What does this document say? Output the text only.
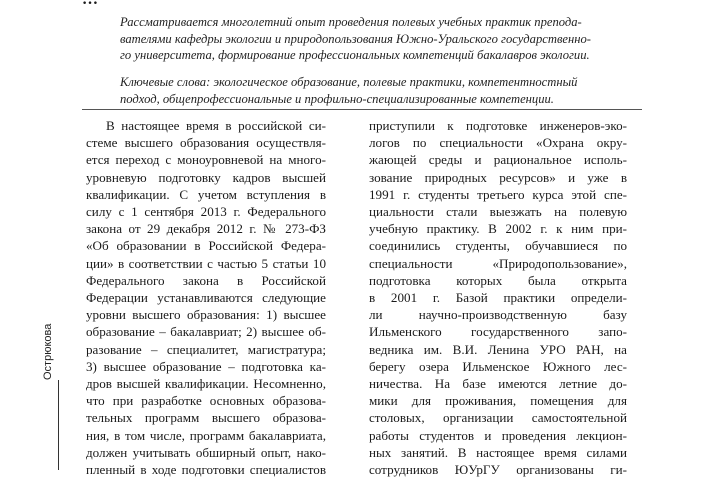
Рассматривается многолетний опыт проведения полевых учебных практик препода-

вателями кафедры экологии и природопользования Южно-Уральского государственно-

го университета, формирование профессиональных компетенций бакалавров экологии.

Ключевые слова: экологическое образование, полевые практики, компетентностный

подход, общепрофессиональные и профильно-специализированные компетенции.

В настоящее время в российской си-
стеме высшего образования осуществля-
ется переход с моноуровневой на много-
уровневую подготовку кадров высшей
квалификации. С учетом вступления в
силу с 1 сентября 2013 г. Федерального
закона от 29 декабря 2012 г. № 273-ФЗ
«Об образовании в Российской Федера-
ции» в соответствии с частью 5 статьи 10
Федерального закона в Российской
Федерации устанавливаются следующие
уровни высшего образования: 1) высшее
образование – бакалавриат; 2) высшее об-
разование – специалитет, магистратура;
3) высшее образование – подготовка ка-
дров высшей квалификации. Несомненно,
что при разработке основных образова-
тельных программ высшего образова-
ния, в том числе, программ бакалавриата,
должен учитывать обширный опыт, нако-
пленный в ходе подготовки специалистов
приступили к подготовке инженеров-эко-
логов по специальности «Охрана окру-
жающей среды и рациональное исполь-
зование природных ресурсов» и уже в
1991 г. студенты третьего курса этой спе-
циальности стали выезжать на полевую
учебную практику. В 2002 г. к ним при-
соединились студенты, обучавшиеся по
специальности «Природопользование»,
подготовка которых была открыта
в 2001 г. Базой практики определи-
ли научно-производственную базу
Ильменского государственного запо-
ведника им. В.И. Ленина УРО РАН, на
берегу озера Ильменское Южного лес-
ничества. На базе имеются летние до-
мики для проживания, помещения для
столовых, организации самостоятельной
работы студентов и проведения лекцион-
ных занятий. В настоящее время силами
сотрудников ЮУрГУ организованы ги-
Острюкова
